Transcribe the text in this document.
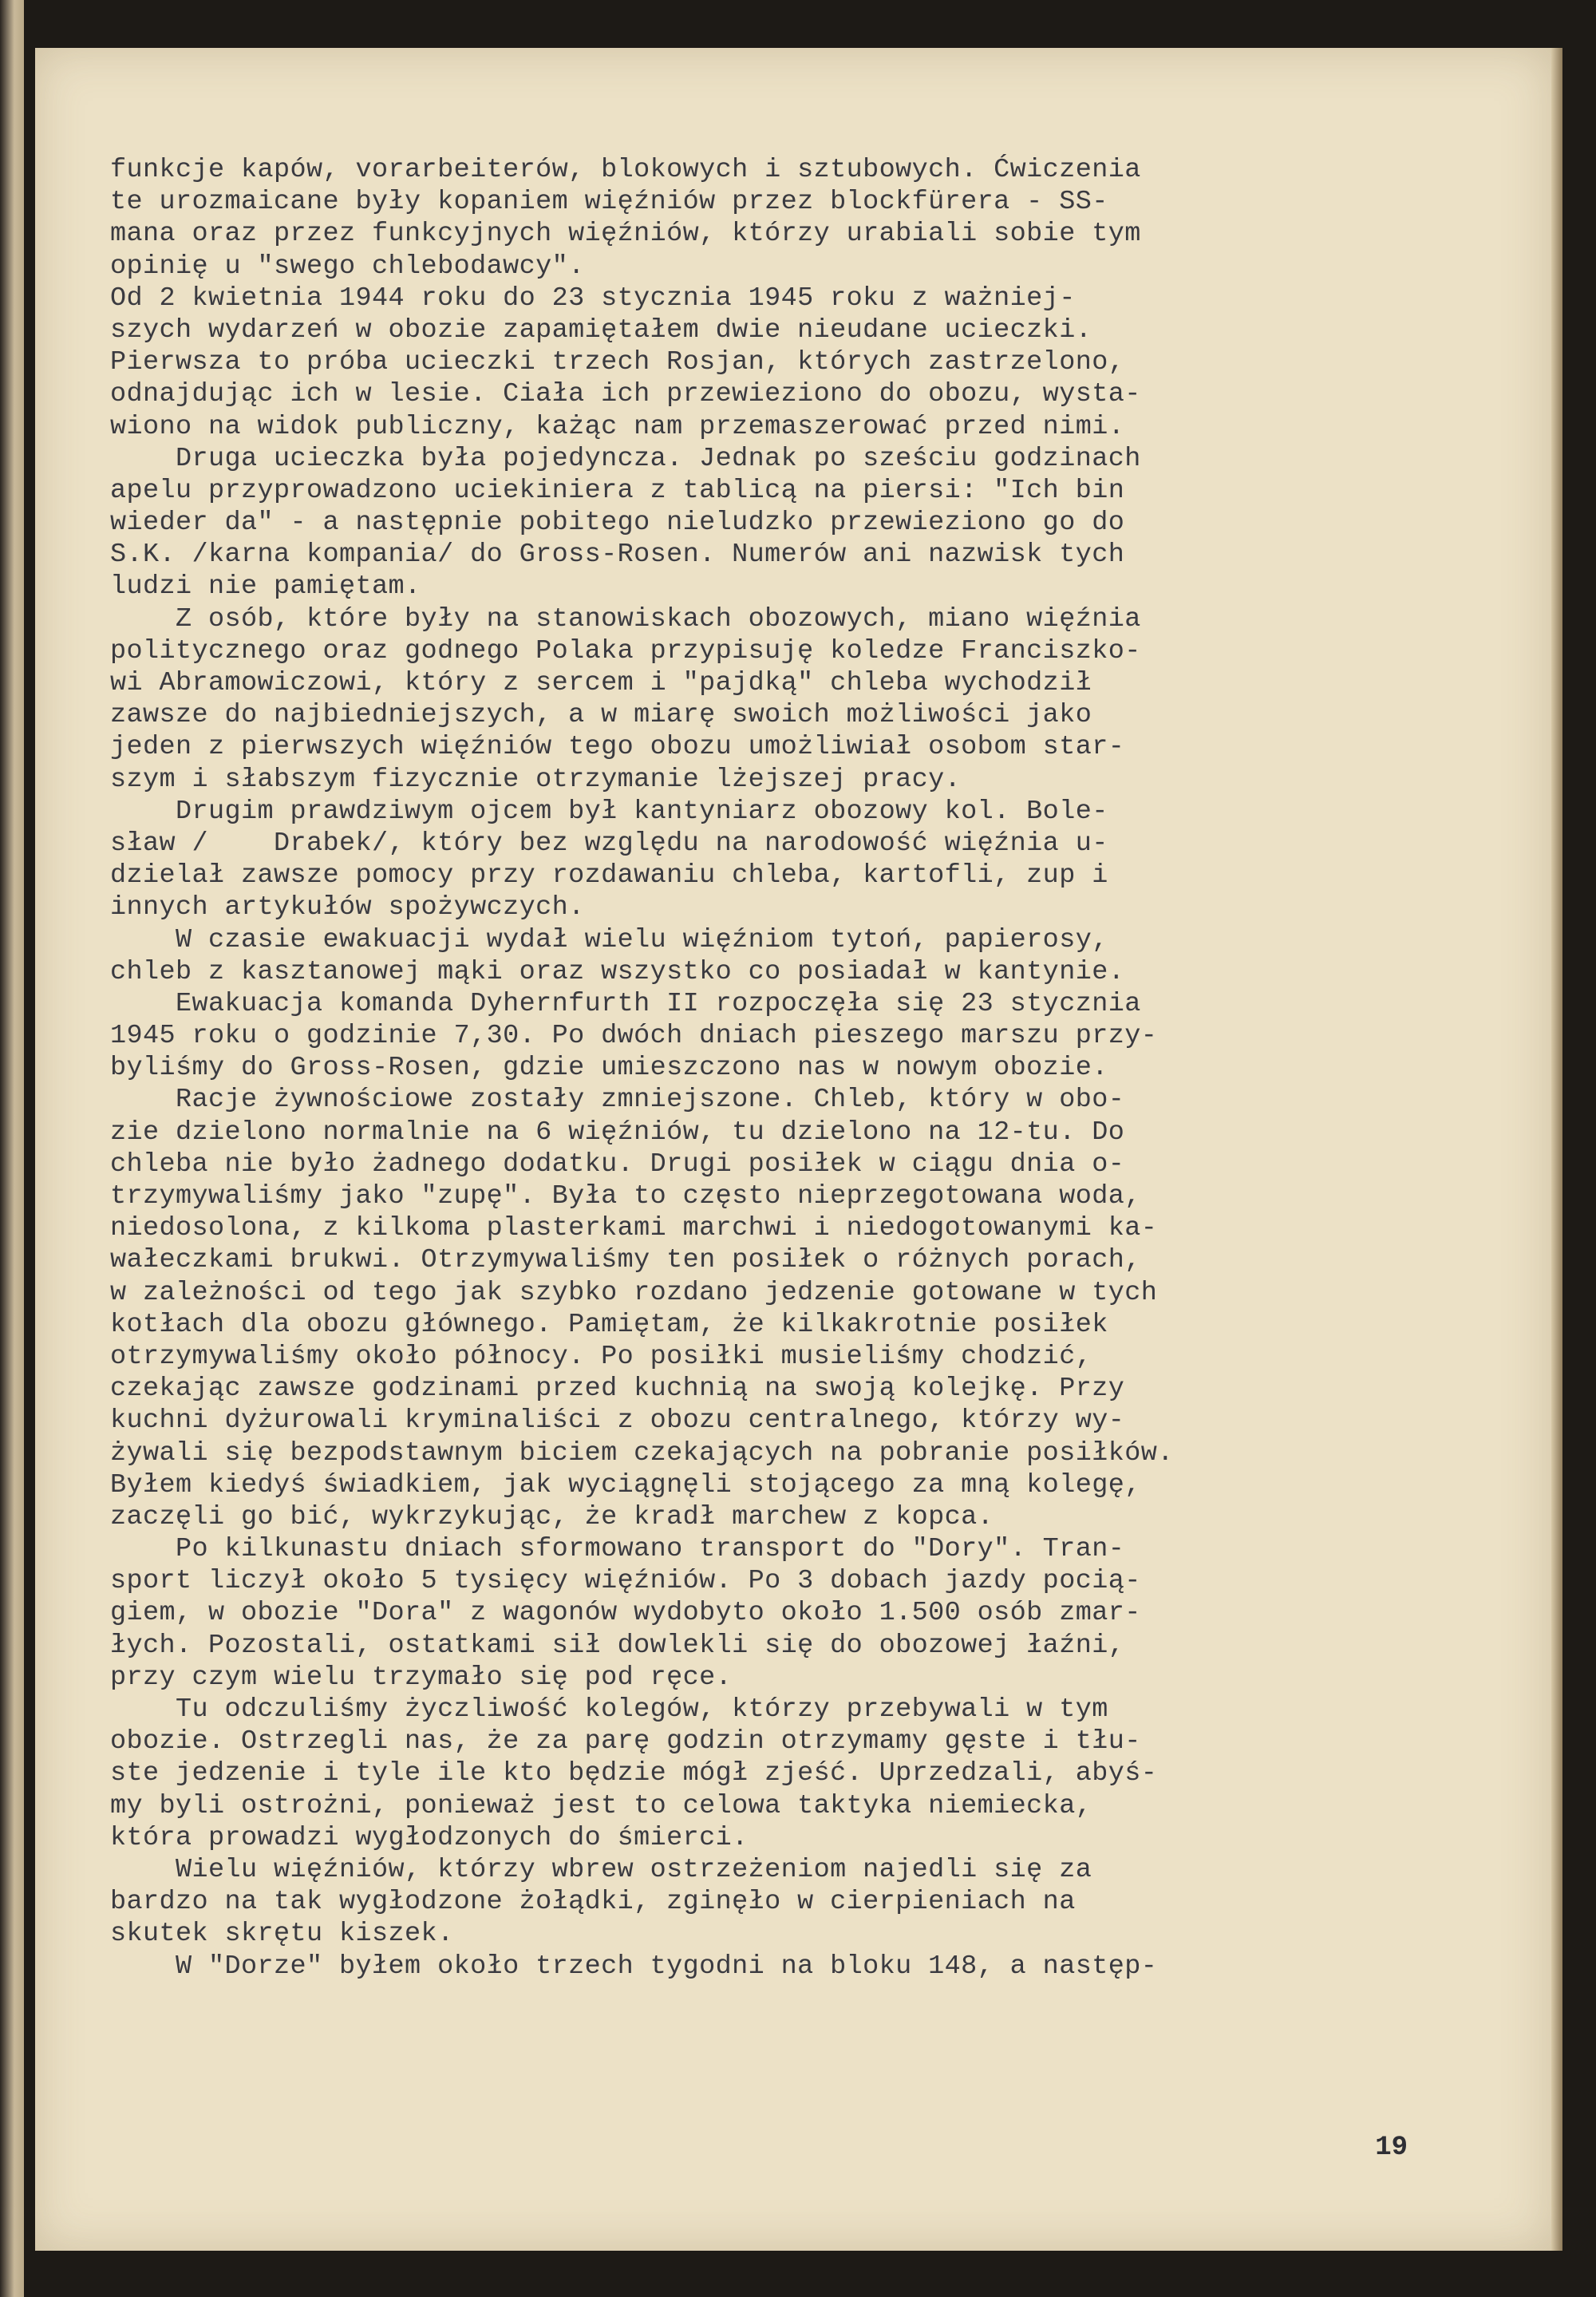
funkcje kapów, vorarbeiterów, blokowych i sztubowych. Ćwiczenia
te urozmaicane były kopaniem więźniów przez blockfürera - SS-
mana oraz przez funkcyjnych więźniów, którzy urabiali sobie tym
opinię u "swego chlebodawcy".
Od 2 kwietnia 1944 roku do 23 stycznia 1945 roku z ważniej-
szych wydarzeń w obozie zapamiętałem dwie nieudane ucieczki.
Pierwsza to próba ucieczki trzech Rosjan, których zastrzelono,
odnajdując ich w lesie. Ciała ich przewieziono do obozu, wysta-
wiono na widok publiczny, każąc nam przemaszerować przed nimi.
Druga ucieczka była pojedyncza. Jednak po sześciu godzinach
apelu przyprowadzono uciekiniera z tablicą na piersi: "Ich bin
wieder da" - a następnie pobitego nieludzko przewieziono go do
S.K. /karna kompania/ do Gross-Rosen. Numerów ani nazwisk tych
ludzi nie pamiętam.
Z osób, które były na stanowiskach obozowych, miano więźnia
politycznego oraz godnego Polaka przypisuję koledze Franciszko-
wi Abramowiczowi, który z sercem i "pajdką" chleba wychodził
zawsze do najbiedniejszych, a w miarę swoich możliwości jako
jeden z pierwszych więźniów tego obozu umożliwiał osobom star-
szym i słabszym fizycznie otrzymanie lżejszej pracy.
Drugim prawdziwym ojcem był kantyniarz obozowy kol. Bole-
sław /    Drabek/, który bez względu na narodowość więźnia u-
dzielał zawsze pomocy przy rozdawaniu chleba, kartofli, zup i
innych artykułów spożywczych.
W czasie ewakuacji wydał wielu więźniom tytoń, papierosy,
chleb z kasztanowej mąki oraz wszystko co posiadał w kantynie.
Ewakuacja komanda Dyhernfurth II rozpoczęła się 23 stycznia
1945 roku o godzinie 7,30. Po dwóch dniach pieszego marszu przy-
byliśmy do Gross-Rosen, gdzie umieszczono nas w nowym obozie.
Racje żywnościowe zostały zmniejszone. Chleb, który w obo-
zie dzielono normalnie na 6 więźniów, tu dzielono na 12-tu. Do
chleba nie było żadnego dodatku. Drugi posiłek w ciągu dnia o-
trzymywaliśmy jako "zupę". Była to często nieprzegotowana woda,
niedosolona, z kilkoma plasterkami marchwi i niedogotowanymi ka-
wałeczkami brukwi. Otrzymywaliśmy ten posiłek o różnych porach,
w zależności od tego jak szybko rozdano jedzenie gotowane w tych
kotłach dla obozu głównego. Pamiętam, że kilkakrotnie posiłek
otrzymywaliśmy około północy. Po posiłki musieliśmy chodzić,
czekając zawsze godzinami przed kuchnią na swoją kolejkę. Przy
kuchni dyżurowali kryminaliści z obozu centralnego, którzy wy-
żywali się bezpodstawnym biciem czekających na pobranie posiłków.
Byłem kiedyś świadkiem, jak wyciągnęli stojącego za mną kolegę,
zaczęli go bić, wykrzykując, że kradł marchew z kopca.
Po kilkunastu dniach sformowano transport do "Dory". Tran-
sport liczył około 5 tysięcy więźniów. Po 3 dobach jazdy pocią-
giem, w obozie "Dora" z wagonów wydobyto około 1.500 osób zmar-
łych. Pozostali, ostatkami sił dowlekli się do obozowej łaźni,
przy czym wielu trzymało się pod ręce.
Tu odczuliśmy życzliwość kolegów, którzy przebywali w tym
obozie. Ostrzegli nas, że za parę godzin otrzymamy gęste i tłu-
ste jedzenie i tyle ile kto będzie mógł zjeść. Uprzedzali, abyś-
my byli ostrożni, ponieważ jest to celowa taktyka niemiecka,
która prowadzi wygłodzonych do śmierci.
Wielu więźniów, którzy wbrew ostrzeżeniom najedli się za
bardzo na tak wygłodzone żołądki, zginęło w cierpieniach na
skutek skrętu kiszek.
W "Dorze" byłem około trzech tygodni na bloku 148, a następ-
19
